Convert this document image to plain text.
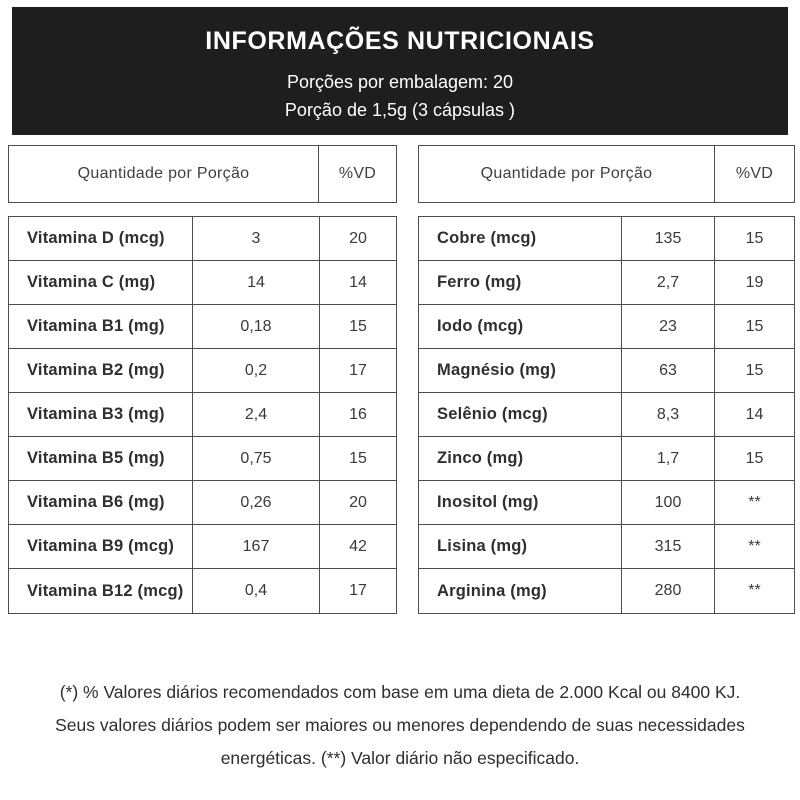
INFORMAÇÕES NUTRICIONAIS
Porções por embalagem: 20
Porção de 1,5g (3 cápsulas )
Quantidade por Porção	%VD
Vitamina D (mcg)	3	20
Vitamina C (mg)	14	14
Vitamina B1 (mg)	0,18	15
Vitamina B2 (mg)	0,2	17
Vitamina B3 (mg)	2,4	16
Vitamina B5 (mg)	0,75	15
Vitamina B6 (mg)	0,26	20
Vitamina B9 (mcg)	167	42
Vitamina B12 (mcg)	0,4	17
Quantidade por Porção	%VD
Cobre (mcg)	135	15
Ferro (mg)	2,7	19
Iodo (mcg)	23	15
Magnésio (mg)	63	15
Selênio (mcg)	8,3	14
Zinco (mg)	1,7	15
Inositol (mg)	100	**
Lisina (mg)	315	**
Arginina (mg)	280	**

(*) % Valores diários recomendados com base em uma dieta de 2.000 Kcal ou 8400 KJ.
Seus valores diários podem ser maiores ou menores dependendo de suas necessidades
energéticas. (**) Valor diário não especificado.
